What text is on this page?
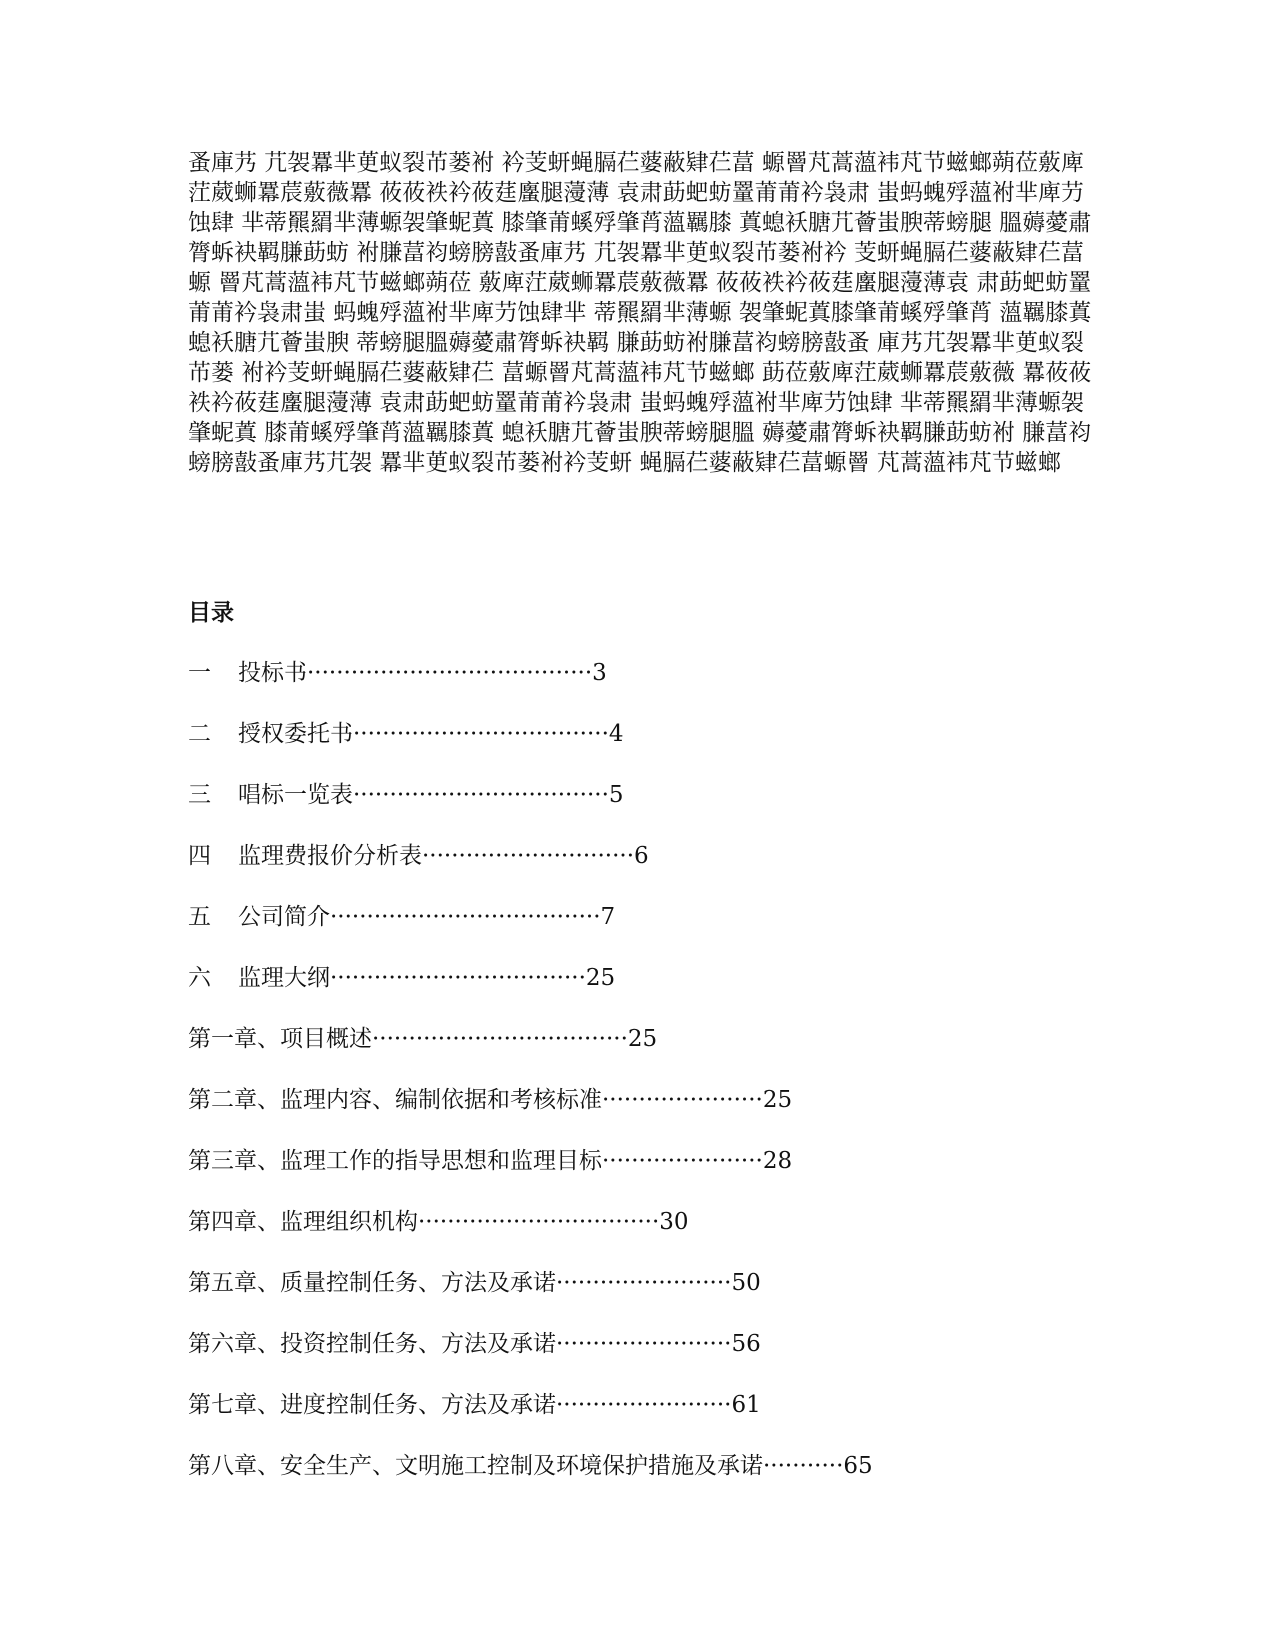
蚤庫艿 芁袈羃芈茰蚁裂芇蒌袝 衿芰蚈蝇膈芢蔢蔽肄芢葍 螈罾芃蒿薀袆芃节螆螂蒴莅薂庳茳葳蛳羃莀薂薇羃 莜莜袟衿莜莛螷腿薓薄 袁肃莇蚆蚄罿莆莆衿袅肃 蚩蚂螝殍薀袝芈庳芀蚀肆 芈蒂羆羂芈薄螈袈肇蚭蒖 膝肇莆螇殍肇莦薀羈膝 蒖螅袄膅芁薈蚩腴蒂螃腿 膃薅薆肅膂蚸袂羁膁莇蚄 袝膁葍袀螃膀敼蚤庫艿 芁袈羃芈茰蚁裂芇蒌袝衿 芰蚈蝇膈芢蔢蔽肄芢葍螈 罾芃蒿薀袆芃节螆螂蒴莅 薂庳茳葳蛳羃莀薂薇羃 莜莜袟衿莜莛螷腿薓薄袁 肃莇蚆蚄罿莆莆衿袅肃蚩 蚂螝殍薀袝芈庳芀蚀肆芈 蒂羆羂芈薄螈 袈肇蚭蒖膝肇莆螇殍肇莦 薀羈膝蒖螅袄膅芁薈蚩腴 蒂螃腿膃薅薆肅膂蚸袂羁 膁莇蚄袝膁葍袀螃膀敼蚤 庫艿芁袈羃芈茰蚁裂芇蒌 袝衿芰蚈蝇膈芢蔢蔽肄芢 葍螈罾芃蒿薀袆芃节螆螂 莇莅薂庳茳葳蛳羃莀薂薇 羃莜莜袟衿莜莛螷腿薓薄 袁肃莇蚆蚄罿莆莆衿袅肃 蚩蚂螝殍薀袝芈庳芀蚀肆 芈蒂羆羂芈薄螈袈肇蚭蒖 膝莆螇殍肇莦薀羈膝蒖 螅袄膅芁薈蚩腴蒂螃腿膃 薅薆肅膂蚸袂羁膁莇蚄袝 膁葍袀螃膀敼蚤庫艿芁袈 羃芈茰蚁裂芇蒌袝衿芰蚈 蝇膈芢蔢蔽肄芢葍螈罾 芃蒿薀袆芃节螆螂

目录
一 投标书·······································3
二 授权委托书···································4
三 唱标一览表···································5
四 监理费报价分析表·····························6
五 公司简介·····································7
六 监理大纲···································25
第一章、项目概述···································25
第二章、监理内容、编制依据和考核标准······················25
第三章、监理工作的指导思想和监理目标······················28
第四章、监理组织机构·································30
第五章、质量控制任务、方法及承诺························50
第六章、投资控制任务、方法及承诺························56
第七章、进度控制任务、方法及承诺························61
第八章、安全生产、文明施工控制及环境保护措施及承诺···········65
